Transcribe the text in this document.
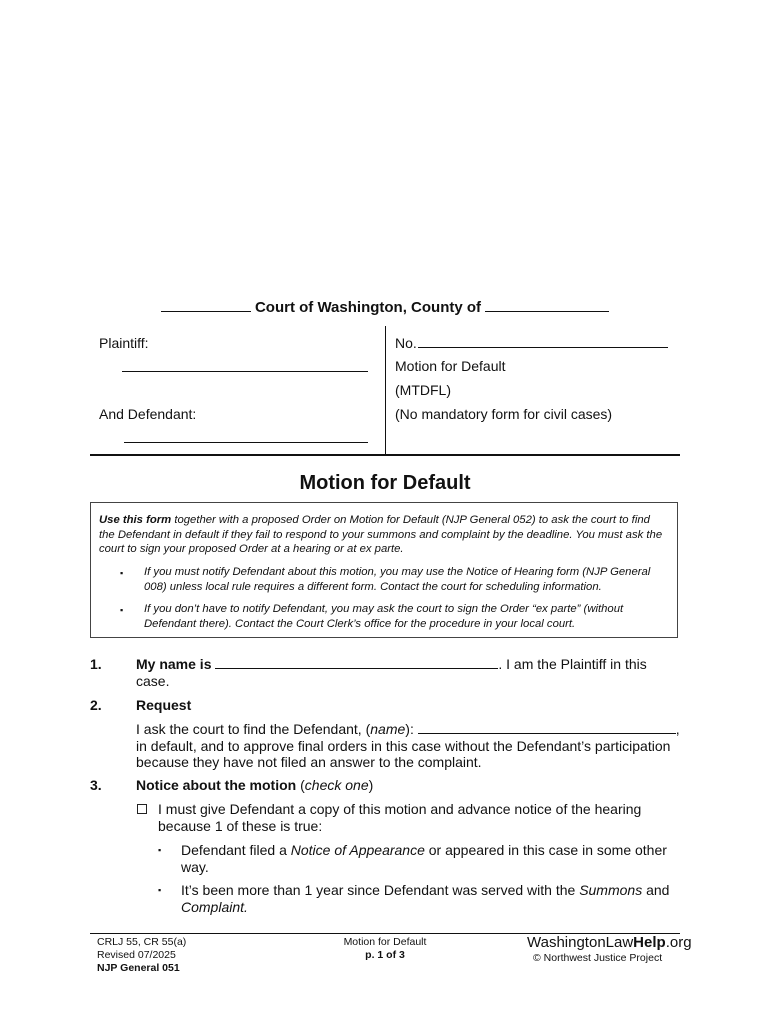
Court of Washington, County of
Plaintiff:
And Defendant:
No.
Motion for Default
(MTDFL)
(No mandatory form for civil cases)
Motion for Default
Use this form together with a proposed Order on Motion for Default (NJP General 052) to ask the court to find
the Defendant in default if they fail to respond to your summons and complaint by the deadline. You must ask the
court to sign your proposed Order at a hearing or at ex parte.
▪ If you must notify Defendant about this motion, you may use the Notice of Hearing form (NJP General
008) unless local rule requires a different form. Contact the court for scheduling information.
▪ If you don’t have to notify Defendant, you may ask the court to sign the Order “ex parte” (without
Defendant there). Contact the Court Clerk’s office for the procedure in your local court.
1. My name is	. I am the Plaintiff in this
case.
2. Request
I ask the court to find the Defendant, (name):	,
in default, and to approve final orders in this case without the Defendant’s participation
because they have not filed an answer to the complaint.
3. Notice about the motion (check one)
I must give Defendant a copy of this motion and advance notice of the hearing
because 1 of these is true:
▪ Defendant filed a Notice of Appearance or appeared in this case in some other
way.
▪ It’s been more than 1 year since Defendant was served with the Summons and
Complaint.
CRLJ 55, CR 55(a)
Revised 07/2025
NJP General 051
Motion for Default
p. 1 of 3
WashingtonLawHelp.org
© Northwest Justice Project
